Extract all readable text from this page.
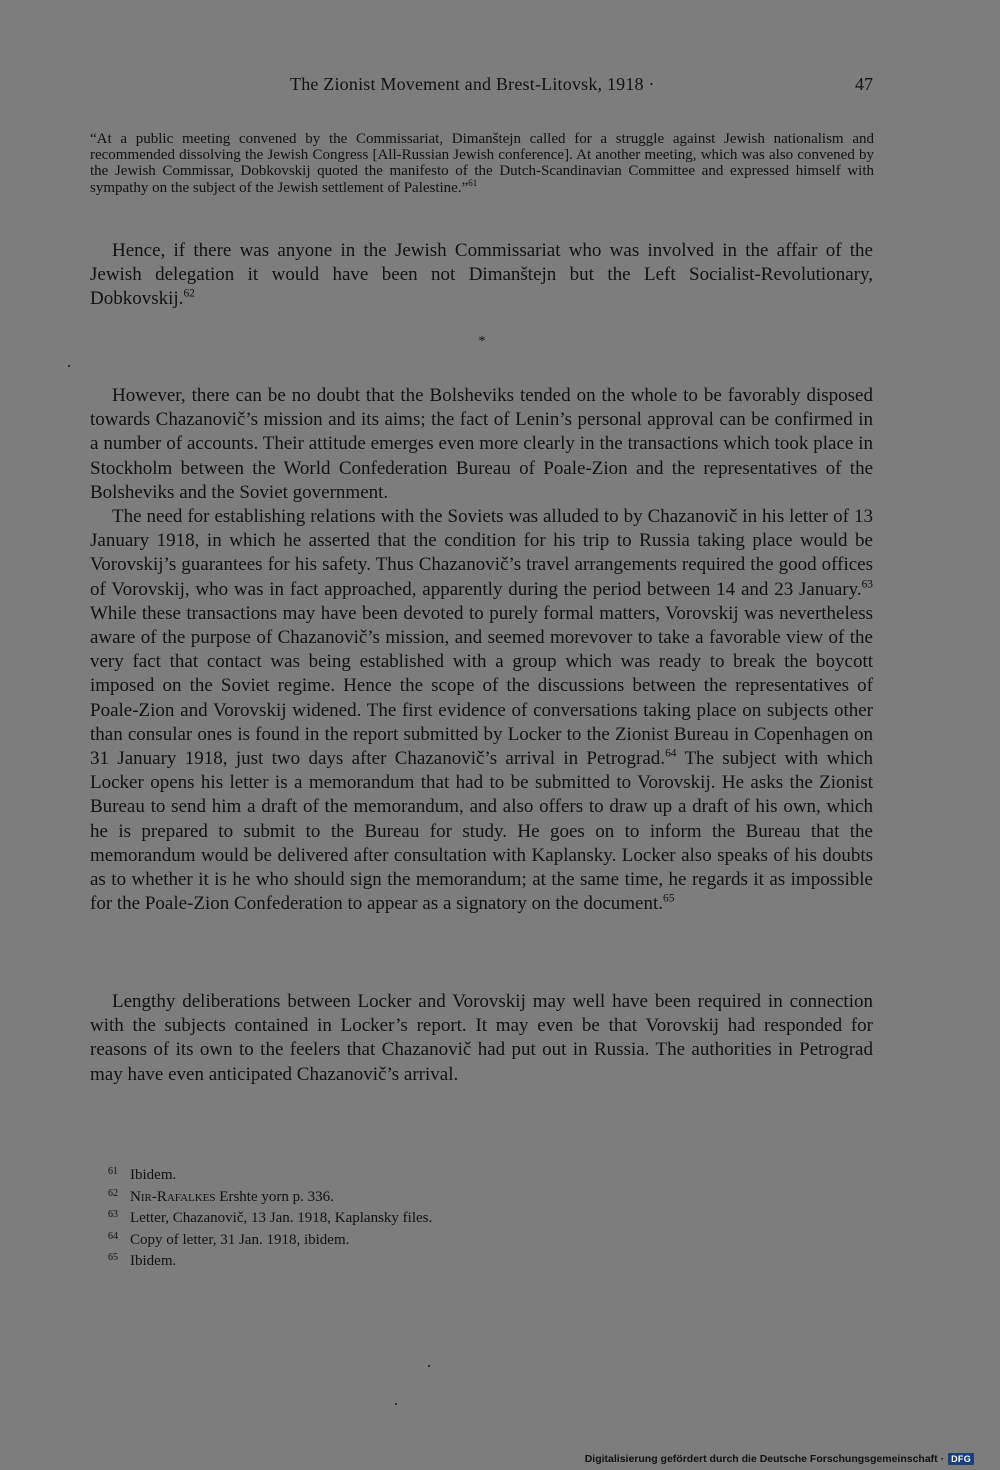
The Zionist Movement and Brest-Litovsk, 1918 ·	47

“At a public meeting convened by the Commissariat, Dimanštejn called for a struggle against Jewish nationalism and recommended dissolving the Jewish Congress [All-Russian Jewish conference]. At another meeting, which was also convened by the Jewish Commissar, Dobkovskij quoted the manifesto of the Dutch-Scandinavian Committee and expressed himself with sympathy on the subject of the Jewish settlement of Palestine.”$^{61}$

Hence, if there was anyone in the Jewish Commissariat who was involved in the affair of the Jewish delegation it would have been not Dimanštejn but the Left Socialist-Revolutionary, Dobkovskij.$^{62}$

*

However, there can be no doubt that the Bolsheviks tended on the whole to be favorably disposed towards Chazanovič’s mission and its aims; the fact of Lenin’s personal approval can be confirmed in a number of accounts. Their attitude emerges even more clearly in the transactions which took place in Stockholm between the World Confederation Bureau of Poale-Zion and the representatives of the Bolsheviks and the Soviet government.

The need for establishing relations with the Soviets was alluded to by Chazanovič in his letter of 13 January 1918, in which he asserted that the condition for his trip to Russia taking place would be Vorovskij’s guarantees for his safety. Thus Chazanovič’s travel arrangements required the good offices of Vorovskij, who was in fact approached, apparently during the period between 14 and 23 January.$^{63}$ While these transactions may have been devoted to purely formal matters, Vorovskij was nevertheless aware of the purpose of Chazanovič’s mission, and seemed morevover to take a favorable view of the very fact that contact was being established with a group which was ready to break the boycott imposed on the Soviet regime. Hence the scope of the discussions between the representatives of Poale-Zion and Vorovskij widened. The first evidence of conversations taking place on subjects other than consular ones is found in the report submitted by Locker to the Zionist Bureau in Copenhagen on 31 January 1918, just two days after Chazanovič’s arrival in Petrograd.$^{64}$ The subject with which Locker opens his letter is a memorandum that had to be submitted to Vorovskij. He asks the Zionist Bureau to send him a draft of the memorandum, and also offers to draw up a draft of his own, which he is prepared to submit to the Bureau for study. He goes on to inform the Bureau that the memorandum would be delivered after consultation with Kaplansky. Locker also speaks of his doubts as to whether it is he who should sign the memorandum; at the same time, he regards it as impossible for the Poale-Zion Confederation to appear as a signatory on the document.$^{65}$

Lengthy deliberations between Locker and Vorovskij may well have been required in connection with the subjects contained in Locker’s report. It may even be that Vorovskij had responded for reasons of its own to the feelers that Chazanovič had put out in Russia. The authorities in Petrograd may have even anticipated Chazanovič’s arrival.

61 Ibidem.
62 Nir-Rafalkes Ershte yorn p. 336.
63 Letter, Chazanovič, 13 Jan. 1918, Kaplansky files.
64 Copy of letter, 31 Jan. 1918, ibidem.
65 Ibidem.
Digitalisierung gefördert durch die Deutsche Forschungsgemeinschaft · DFG
